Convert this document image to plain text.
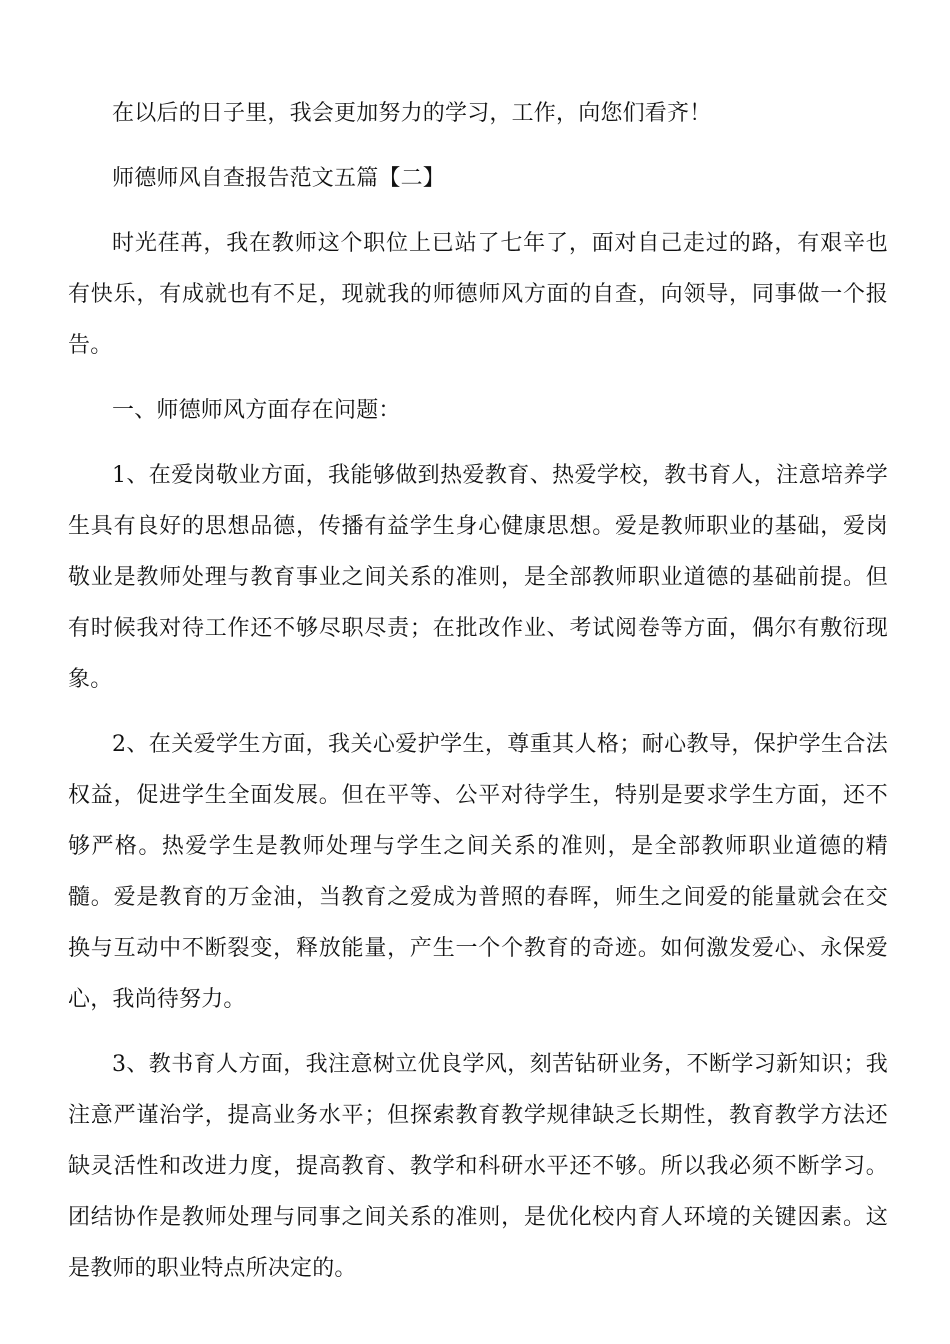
在以后的日子里，我会更加努力的学习，工作，向您们看齐！

师德师风自查报告范文五篇【二】

时光荏苒，我在教师这个职位上已站了七年了，面对自己走过的路，有艰辛也有快乐，有成就也有不足，现就我的师德师风方面的自查，向领导，同事做一个报告。

一、师德师风方面存在问题：

1、在爱岗敬业方面，我能够做到热爱教育、热爱学校，教书育人，注意培养学生具有良好的思想品德，传播有益学生身心健康思想。爱是教师职业的基础，爱岗敬业是教师处理与教育事业之间关系的准则，是全部教师职业道德的基础前提。但有时候我对待工作还不够尽职尽责；在批改作业、考试阅卷等方面，偶尔有敷衍现象。

2、在关爱学生方面，我关心爱护学生，尊重其人格；耐心教导，保护学生合法权益，促进学生全面发展。但在平等、公平对待学生，特别是要求学生方面，还不够严格。热爱学生是教师处理与学生之间关系的准则，是全部教师职业道德的精髓。爱是教育的万金油，当教育之爱成为普照的春晖，师生之间爱的能量就会在交换与互动中不断裂变，释放能量，产生一个个教育的奇迹。如何激发爱心、永保爱心，我尚待努力。

3、教书育人方面，我注意树立优良学风，刻苦钻研业务，不断学习新知识；我注意严谨治学，提高业务水平；但探索教育教学规律缺乏长期性，教育教学方法还缺灵活性和改进力度，提高教育、教学和科研水平还不够。所以我必须不断学习。团结协作是教师处理与同事之间关系的准则，是优化校内育人环境的关键因素。这是教师的职业特点所决定的。
